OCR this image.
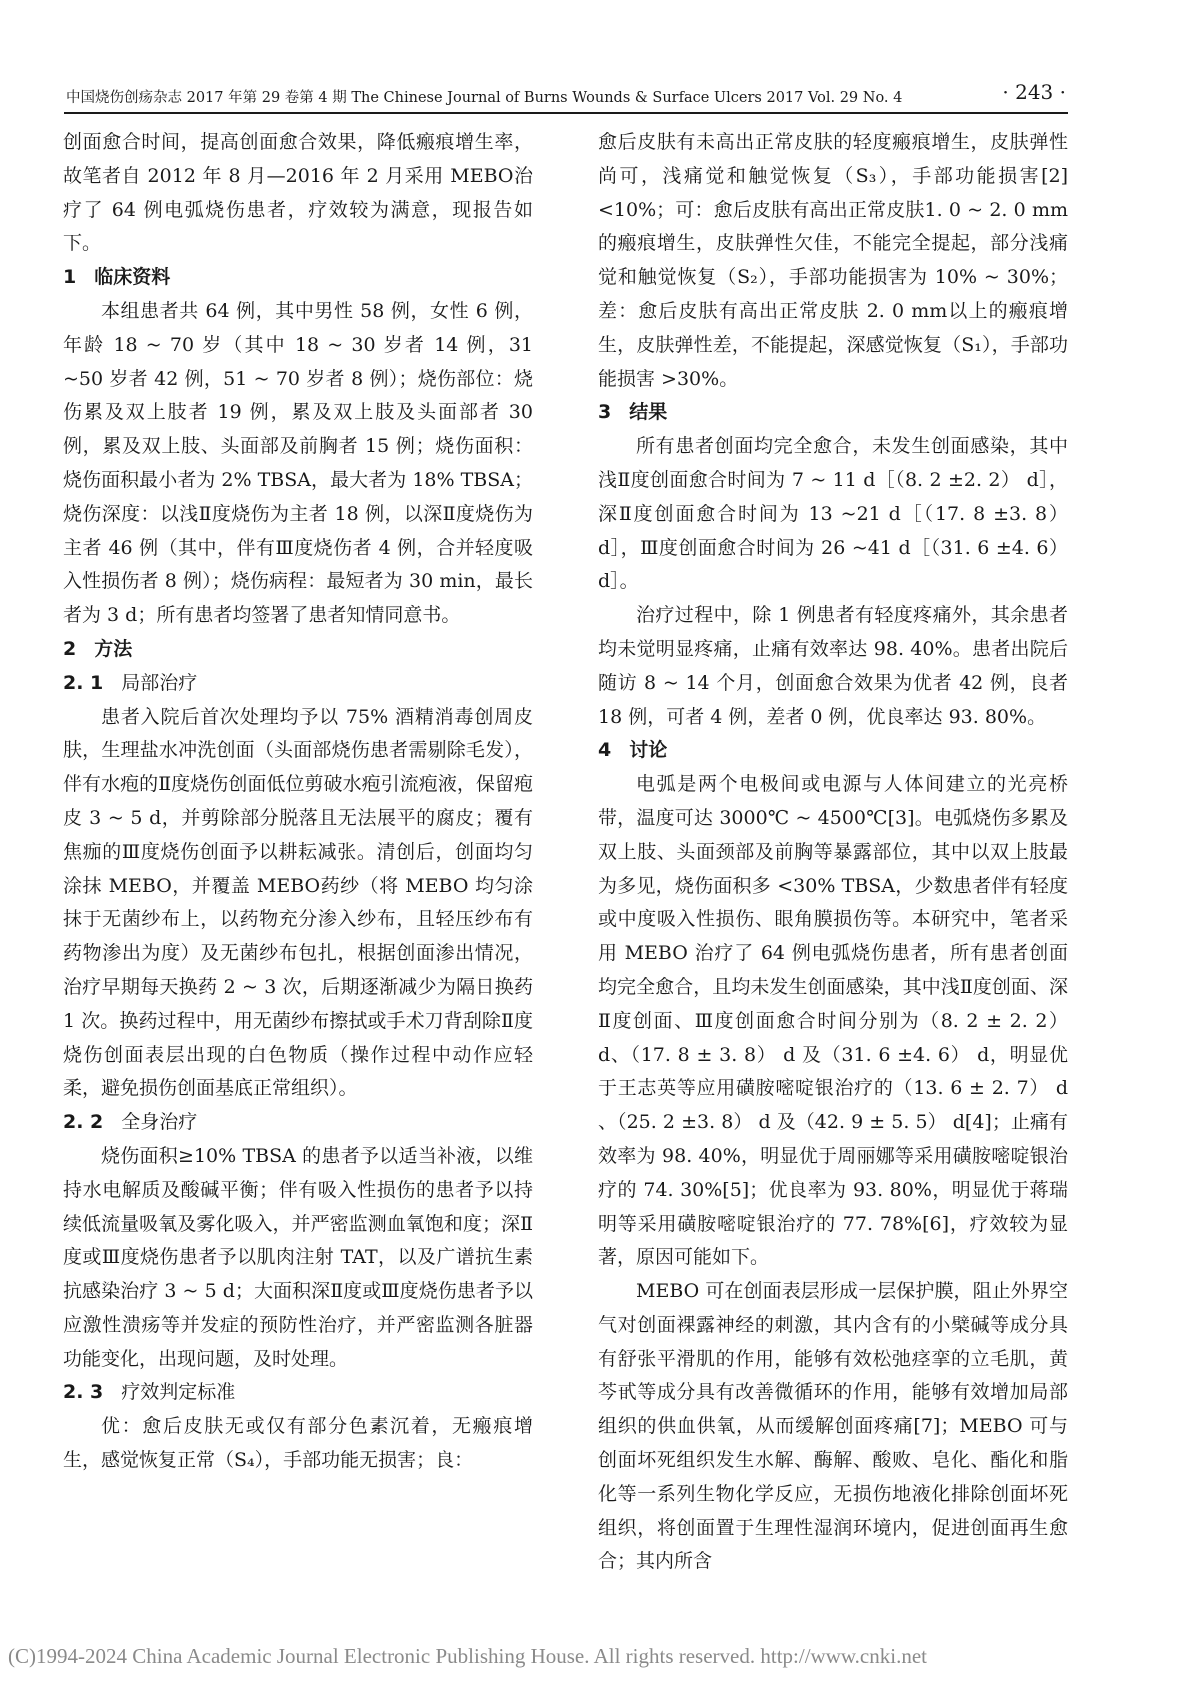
中国烧伤创疡杂志 2017 年第 29 卷第 4 期 The Chinese Journal of Burns Wounds & Surface Ulcers 2017 Vol. 29 No. 4	· 243 ·

创面愈合时间，提高创面愈合效果，降低瘢痕增生率，故笔者自 2012 年 8 月—2016 年 2 月采用 MEBO治疗了 64 例电弧烧伤患者，疗效较为满意，现报告如下。

1 临床资料

本组患者共 64 例，其中男性 58 例，女性 6 例，年龄 18 ~ 70 岁（其中 18 ~ 30 岁者 14 例，31 ~50 岁者 42 例，51 ~ 70 岁者 8 例）；烧伤部位：烧伤累及双上肢者 19 例，累及双上肢及头面部者 30 例，累及双上肢、头面部及前胸者 15 例；烧伤面积：烧伤面积最小者为 2% TBSA，最大者为 18% TBSA；烧伤深度：以浅Ⅱ度烧伤为主者 18 例，以深Ⅱ度烧伤为主者 46 例（其中，伴有Ⅲ度烧伤者 4 例，合并轻度吸入性损伤者 8 例）；烧伤病程：最短者为 30 min，最长者为 3 d；所有患者均签署了患者知情同意书。

2 方法
2. 1 局部治疗

患者入院后首次处理均予以 75% 酒精消毒创周皮肤，生理盐水冲洗创面（头面部烧伤患者需剔除毛发），伴有水疱的Ⅱ度烧伤创面低位剪破水疱引流疱液，保留疱皮 3 ~ 5 d，并剪除部分脱落且无法展平的腐皮；覆有焦痂的Ⅲ度烧伤创面予以耕耘减张。清创后，创面均匀涂抹 MEBO，并覆盖 MEBO药纱（将 MEBO 均匀涂抹于无菌纱布上，以药物充分渗入纱布，且轻压纱布有药物渗出为度）及无菌纱布包扎，根据创面渗出情况，治疗早期每天换药 2 ~ 3 次，后期逐渐减少为隔日换药 1 次。换药过程中，用无菌纱布擦拭或手术刀背刮除Ⅱ度烧伤创面表层出现的白色物质（操作过程中动作应轻柔，避免损伤创面基底正常组织）。

2. 2 全身治疗

烧伤面积≥10% TBSA 的患者予以适当补液，以维持水电解质及酸碱平衡；伴有吸入性损伤的患者予以持续低流量吸氧及雾化吸入，并严密监测血氧饱和度；深Ⅱ度或Ⅲ度烧伤患者予以肌肉注射 TAT，以及广谱抗生素抗感染治疗 3 ~ 5 d；大面积深Ⅱ度或Ⅲ度烧伤患者予以应激性溃疡等并发症的预防性治疗，并严密监测各脏器功能变化，出现问题，及时处理。

2. 3 疗效判定标准

优：愈后皮肤无或仅有部分色素沉着，无瘢痕增生，感觉恢复正常（S₄），手部功能无损害；良：

愈后皮肤有未高出正常皮肤的轻度瘢痕增生，皮肤弹性尚可，浅痛觉和触觉恢复（S₃），手部功能损害[2] <10%；可：愈后皮肤有高出正常皮肤1. 0 ~ 2. 0 mm的瘢痕增生，皮肤弹性欠佳，不能完全提起，部分浅痛觉和触觉恢复（S₂），手部功能损害为 10% ~ 30%；差：愈后皮肤有高出正常皮肤 2. 0 mm以上的瘢痕增生，皮肤弹性差，不能提起，深感觉恢复（S₁），手部功能损害 >30%。

3 结果

所有患者创面均完全愈合，未发生创面感染，其中浅Ⅱ度创面愈合时间为 7 ~ 11 d［（8. 2 ±2. 2） d］，深Ⅱ度创面愈合时间为 13 ~21 d［（17. 8 ±3. 8） d］，Ⅲ度创面愈合时间为 26 ~41 d［（31. 6 ±4. 6） d］。

治疗过程中，除 1 例患者有轻度疼痛外，其余患者均未觉明显疼痛，止痛有效率达 98. 40%。患者出院后随访 8 ~ 14 个月，创面愈合效果为优者 42 例，良者 18 例，可者 4 例，差者 0 例，优良率达 93. 80%。

4 讨论

电弧是两个电极间或电源与人体间建立的光亮桥带，温度可达 3000℃ ~ 4500℃[3]。电弧烧伤多累及双上肢、头面颈部及前胸等暴露部位，其中以双上肢最为多见，烧伤面积多 <30% TBSA，少数患者伴有轻度或中度吸入性损伤、眼角膜损伤等。本研究中，笔者采用 MEBO 治疗了 64 例电弧烧伤患者，所有患者创面均完全愈合，且均未发生创面感染，其中浅Ⅱ度创面、深Ⅱ度创面、Ⅲ度创面愈合时间分别为（8. 2 ± 2. 2） d、（17. 8 ± 3. 8） d 及（31. 6 ±4. 6） d，明显优于王志英等应用磺胺嘧啶银治疗的（13. 6 ± 2. 7） d 、（25. 2 ±3. 8） d 及（42. 9 ± 5. 5） d[4]；止痛有效率为 98. 40%，明显优于周丽娜等采用磺胺嘧啶银治疗的 74. 30%[5]；优良率为 93. 80%，明显优于蒋瑞明等采用磺胺嘧啶银治疗的 77. 78%[6]，疗效较为显著，原因可能如下。

MEBO 可在创面表层形成一层保护膜，阻止外界空气对创面裸露神经的刺激，其内含有的小檗碱等成分具有舒张平滑肌的作用，能够有效松弛痉挛的立毛肌，黄芩甙等成分具有改善微循环的作用，能够有效增加局部组织的供血供氧，从而缓解创面疼痛[7]；MEBO 可与创面坏死组织发生水解、酶解、酸败、皂化、酯化和脂化等一系列生物化学反应，无损伤地液化排除创面坏死组织，将创面置于生理性湿润环境内，促进创面再生愈合；其内所含

(C)1994-2024 China Academic Journal Electronic Publishing House. All rights reserved. http://www.cnki.net
